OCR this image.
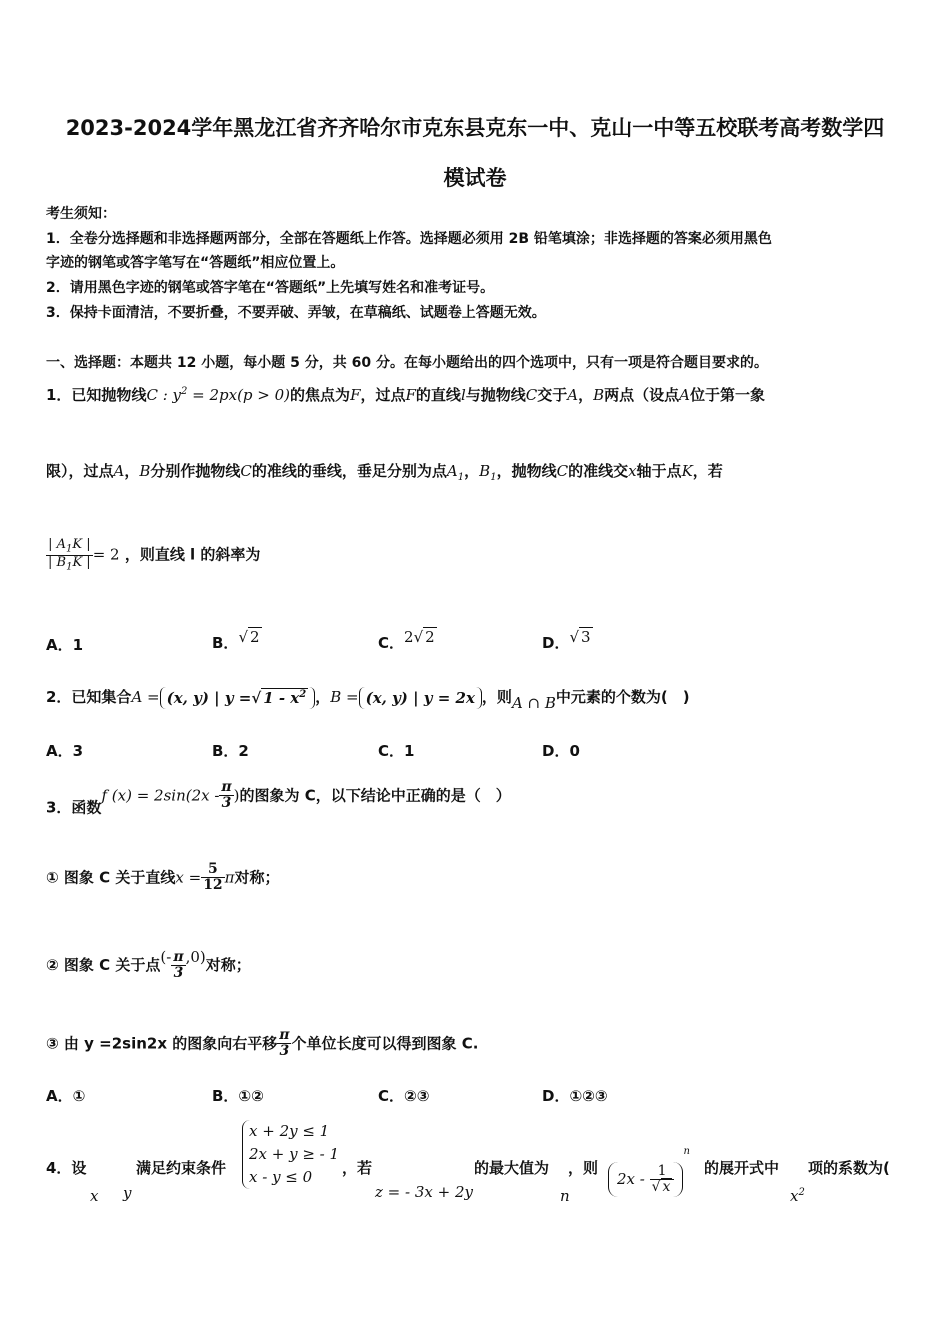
2023-2024学年黑龙江省齐齐哈尔市克东县克东一中、克山一中等五校联考高考数学四
模试卷
考生须知：
1．全卷分选择题和非选择题两部分，全部在答题纸上作答。选择题必须用 2B 铅笔填涂；非选择题的答案必须用黑色
字迹的钢笔或答字笔写在“答题纸”相应位置上。
2．请用黑色字迹的钢笔或答字笔在“答题纸”上先填写姓名和准考证号。
3．保持卡面清洁，不要折叠，不要弄破、弄皱，在草稿纸、试题卷上答题无效。
一、选择题：本题共 12 小题，每小题 5 分，共 60 分。在每小题给出的四个选项中，只有一项是符合题目要求的。
1．已知抛物线C : $y^2 = 2px(p > 0)$的焦点为F，过点F的直线l与抛物线C交于A，B两点（设点A位于第一象
限），过点A，B分别作抛物线C的准线的垂线，垂足分别为点$A_1$，$B_1$，抛物线C的准线交x轴于点K，若
$\frac{| A_1K |}{| B_1K |} = 2$ ，则直线 l 的斜率为
A．1	B．√ 2	C．2√ 2	D．√ 3
2．已知集合A = (x, y) | y =√ $1 - x^2$ ，B = (x, y) | y = 2x ，则A ∩ B中元素的个数为(　)
A．3	B．2	C．1	D．0
3．函数f $(x) = 2\sin(2x - \frac{\pi}{3}$ )的图象为 C，以下结论中正确的是（　）
① 图象 C 关于直线$x = \frac{5}{12}$ π对称；
② 图象 C 关于点(- $\frac{\pi}{3} ,0$)对称；
③ 由 y =2sin2x 的图象向右平移 $\frac{\pi}{3}$ 个单位长度可以得到图象 C.
A．①	B．①②	C．②③	D．①②③
4．设
x
满足约束条件
y
x + 2y ≤ 1
2x + y ≥ - 1
x - y ≤ 0	，若
z = - 3x + 2y
的最大值为
n
，则
$2x - \frac{1}{√ x}$
$^n$
的展开式中
$x^2$
项的系数为(
